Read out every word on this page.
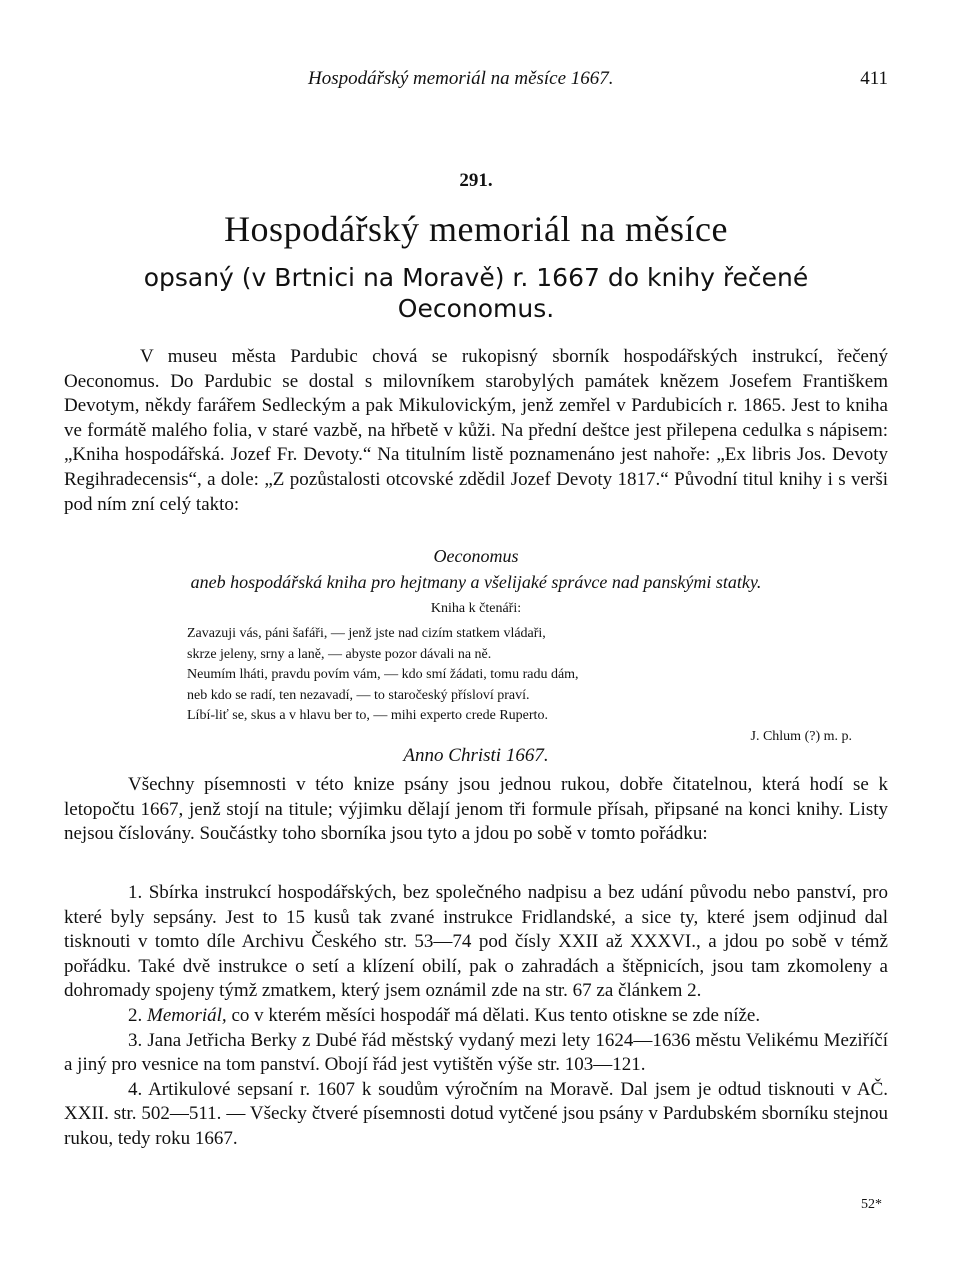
Hospodářský memoriál na měsíce 1667.	411
291.
Hospodářský memoriál na měsíce
opsaný (v Brtnici na Moravě) r. 1667 do knihy řečené
Oeconomus.

V museu města Pardubic chová se rukopisný sborník hospodářských instrukcí, řečený Oeconomus. Do Pardubic se dostal s milovníkem starobylých památek knězem Josefem Františkem Devotym, někdy farářem Sedleckým a pak Mikulovickým, jenž zemřel v Pardubicích r. 1865. Jest to kniha ve formátě malého folia, v staré vazbě, na hřbetě v kůži. Na přední deštce jest přilepena cedulka s nápisem: „Kniha hospodářská. Jozef Fr. Devoty.“ Na titulním listě poznamenáno jest nahoře: „Ex libris Jos. Devoty Regihradecensis“, a dole: „Z pozůstalosti otcovské zdědil Jozef Devoty 1817.“ Původní titul knihy i s verši pod ním zní celý takto:

Oeconomus
aneb hospodářská kniha pro hejtmany a všelijaké správce nad panskými statky.
Kniha k čtenáři:
Zavazuji vás, páni šafáři, — jenž jste nad cizím statkem vládaři,
skrze jeleny, srny a laně, — abyste pozor dávali na ně.
Neumím lháti, pravdu povím vám, — kdo smí žádati, tomu radu dám,
neb kdo se radí, ten nezavadí, — to staročeský přísloví praví.
Líbí-liť se, skus a v hlavu ber to, — mihi experto crede Ruperto.
J. Chlum (?) m. p.
Anno Christi 1667.

Všechny písemnosti v této knize psány jsou jednou rukou, dobře čitatelnou, která hodí se k letopočtu 1667, jenž stojí na titule; výjimku dělají jenom tři formule přísah, připsané na konci knihy. Listy nejsou číslovány. Součástky toho sborníka jsou tyto a jdou po sobě v tomto pořádku:

1. Sbírka instrukcí hospodářských, bez společného nadpisu a bez udání původu nebo panství, pro které byly sepsány. Jest to 15 kusů tak zvané instrukce Fridlandské, a sice ty, které jsem odjinud dal tisknouti v tomto díle Archivu Českého str. 53—74 pod čísly XXII až XXXVI., a jdou po sobě v témž pořádku. Také dvě instrukce o setí a klízení obilí, pak o zahradách a štěpnicích, jsou tam zkomoleny a dohromady spojeny týmž zmatkem, který jsem oznámil zde na str. 67 za článkem 2.

2. Memoriál, co v kterém měsíci hospodář má dělati. Kus tento otiskne se zde níže.

3. Jana Jetřicha Berky z Dubé řád městský vydaný mezi lety 1624—1636 městu Velikému Meziříčí a jiný pro vesnice na tom panství. Obojí řád jest vytištěn výše str. 103—121.

4. Artikulové sepsaní r. 1607 k soudům výročním na Moravě. Dal jsem je odtud tisknouti v AČ. XXII. str. 502—511. — Všecky čtveré písemnosti dotud vytčené jsou psány v Pardubském sborníku stejnou rukou, tedy roku 1667.

52*
